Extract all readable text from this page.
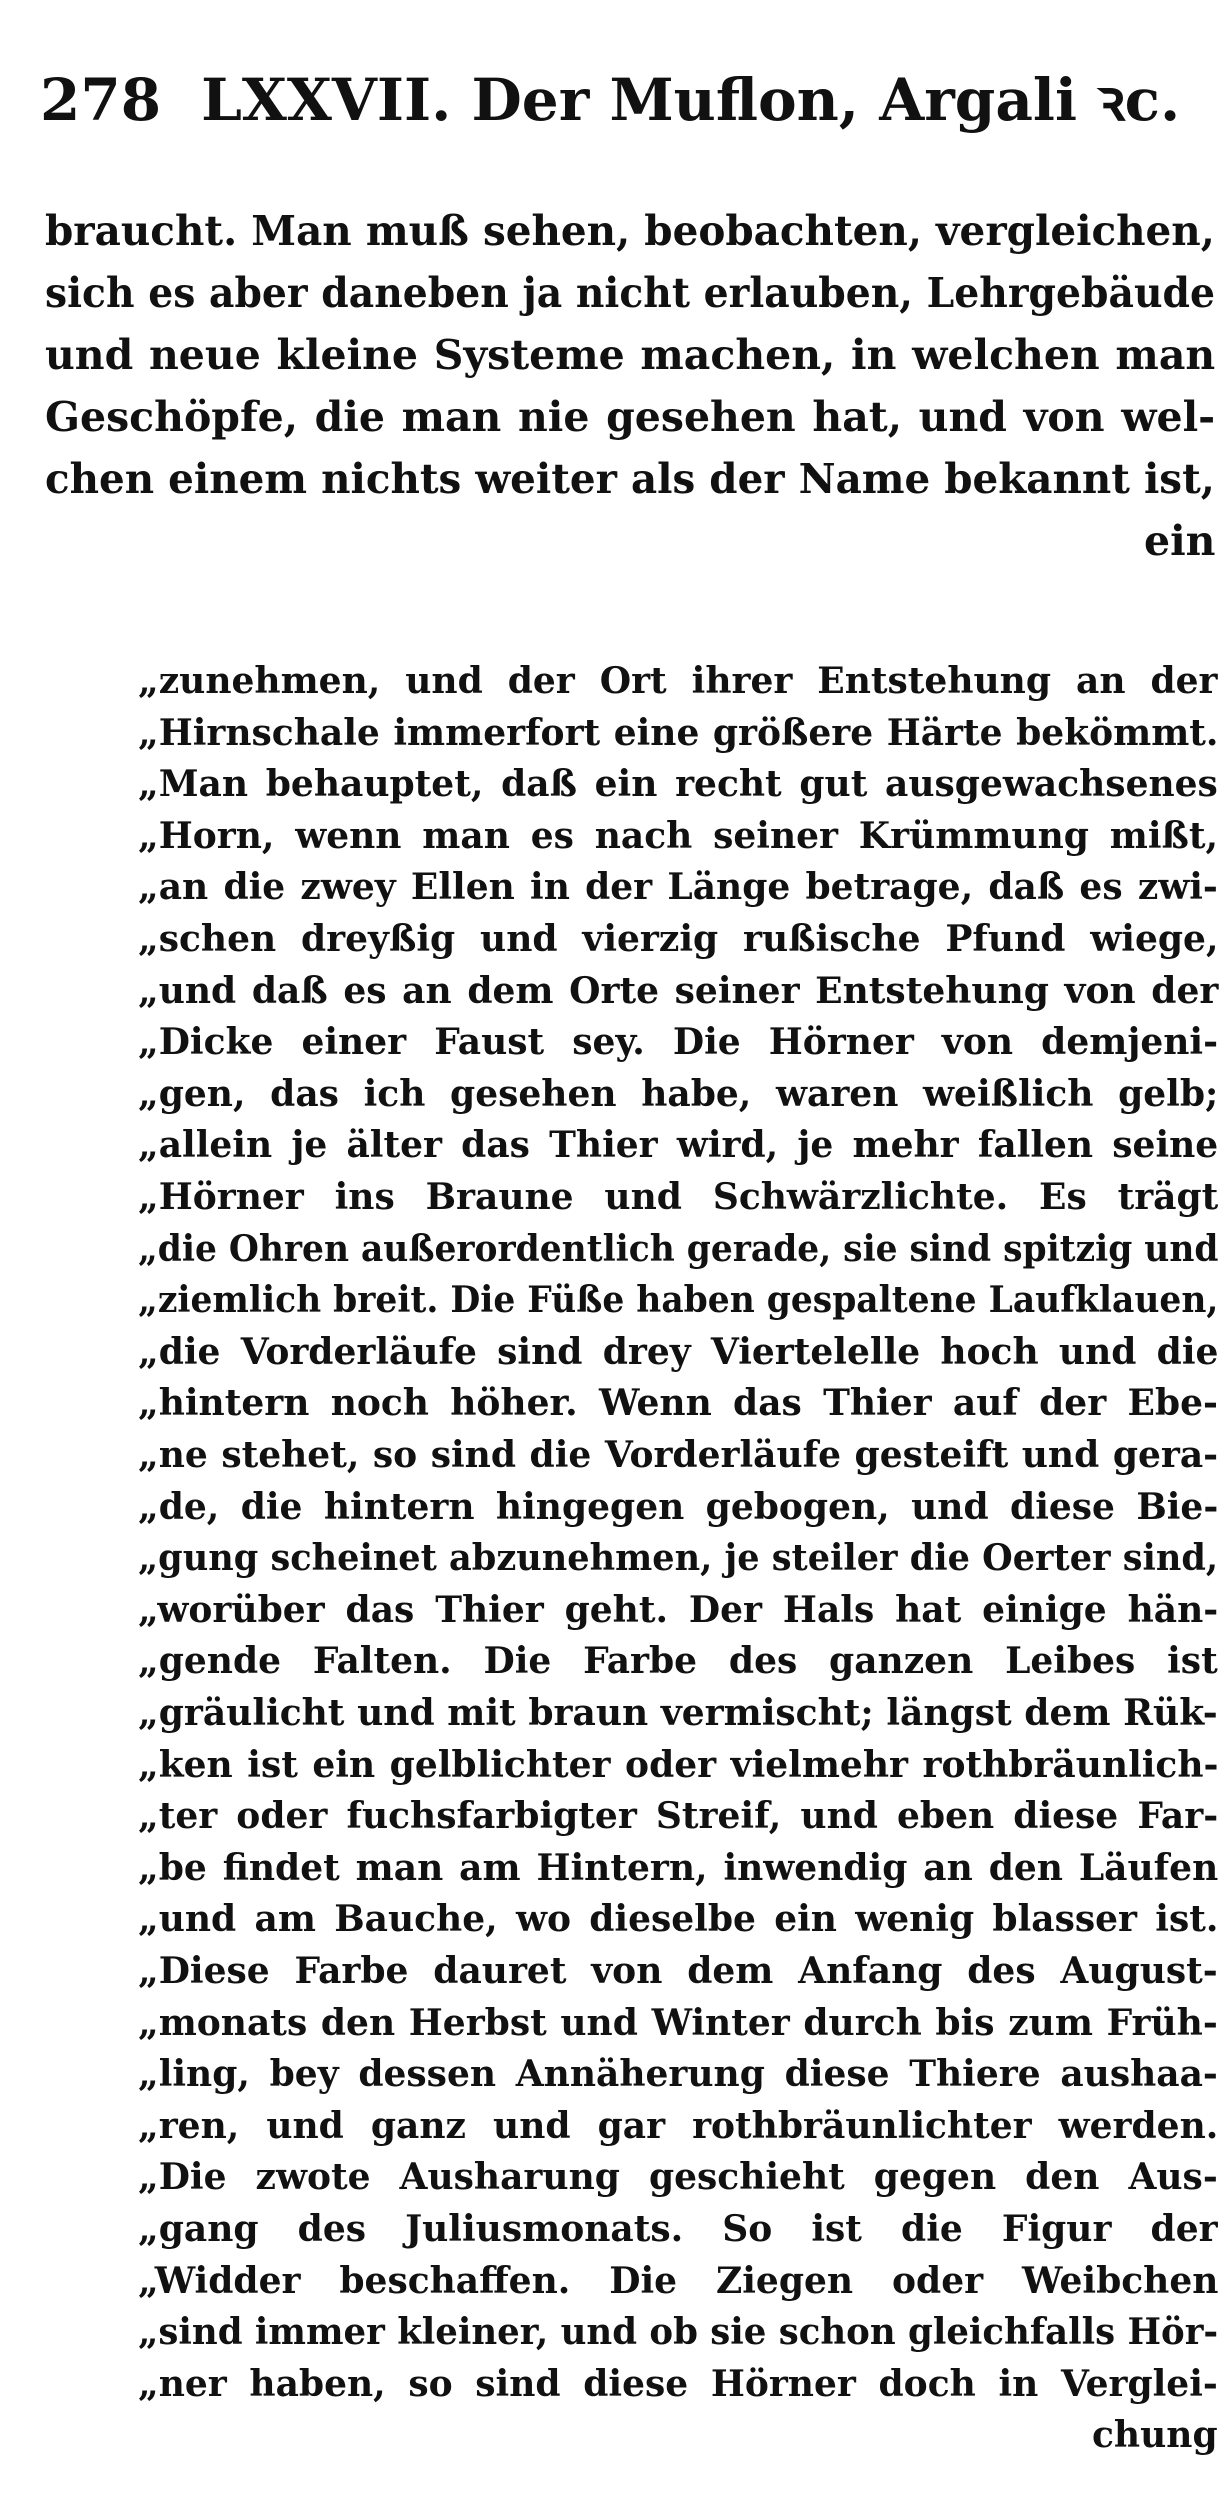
278 LXXVII. Der Muflon, Argali ꝛc.
braucht. Man muß sehen, beobachten, vergleichen,
sich es aber daneben ja nicht erlauben, Lehrgebäude
und neue kleine Systeme machen, in welchen man
Geschöpfe, die man nie gesehen hat, und von wel-
chen einem nichts weiter als der Name bekannt ist,
ein
„zunehmen, und der Ort ihrer Entstehung an der
„Hirnschale immerfort eine größere Härte bekömmt.
„Man behauptet, daß ein recht gut ausgewachsenes
„Horn, wenn man es nach seiner Krümmung mißt,
„an die zwey Ellen in der Länge betrage, daß es zwi-
„schen dreyßig und vierzig rußische Pfund wiege,
„und daß es an dem Orte seiner Entstehung von der
„Dicke einer Faust sey. Die Hörner von demjeni-
„gen, das ich gesehen habe, waren weißlich gelb;
„allein je älter das Thier wird, je mehr fallen seine
„Hörner ins Braune und Schwärzlichte. Es trägt
„die Ohren außerordentlich gerade, sie sind spitzig und
„ziemlich breit. Die Füße haben gespaltene Laufklauen,
„die Vorderläufe sind drey Viertelelle hoch und die
„hintern noch höher. Wenn das Thier auf der Ebe-
„ne stehet, so sind die Vorderläufe gesteift und gera-
„de, die hintern hingegen gebogen, und diese Bie-
„gung scheinet abzunehmen, je steiler die Oerter sind,
„worüber das Thier geht. Der Hals hat einige hän-
„gende Falten. Die Farbe des ganzen Leibes ist
„gräulicht und mit braun vermischt; längst dem Rük-
„ken ist ein gelblichter oder vielmehr rothbräunlich-
„ter oder fuchsfarbigter Streif, und eben diese Far-
„be findet man am Hintern, inwendig an den Läufen
„und am Bauche, wo dieselbe ein wenig blasser ist.
„Diese Farbe dauret von dem Anfang des August-
„monats den Herbst und Winter durch bis zum Früh-
„ling, bey dessen Annäherung diese Thiere aushaa-
„ren, und ganz und gar rothbräunlichter werden.
„Die zwote Ausharung geschieht gegen den Aus-
„gang des Juliusmonats. So ist die Figur der
„Widder beschaffen. Die Ziegen oder Weibchen
„sind immer kleiner, und ob sie schon gleichfalls Hör-
„ner haben, so sind diese Hörner doch in Verglei-
chung
